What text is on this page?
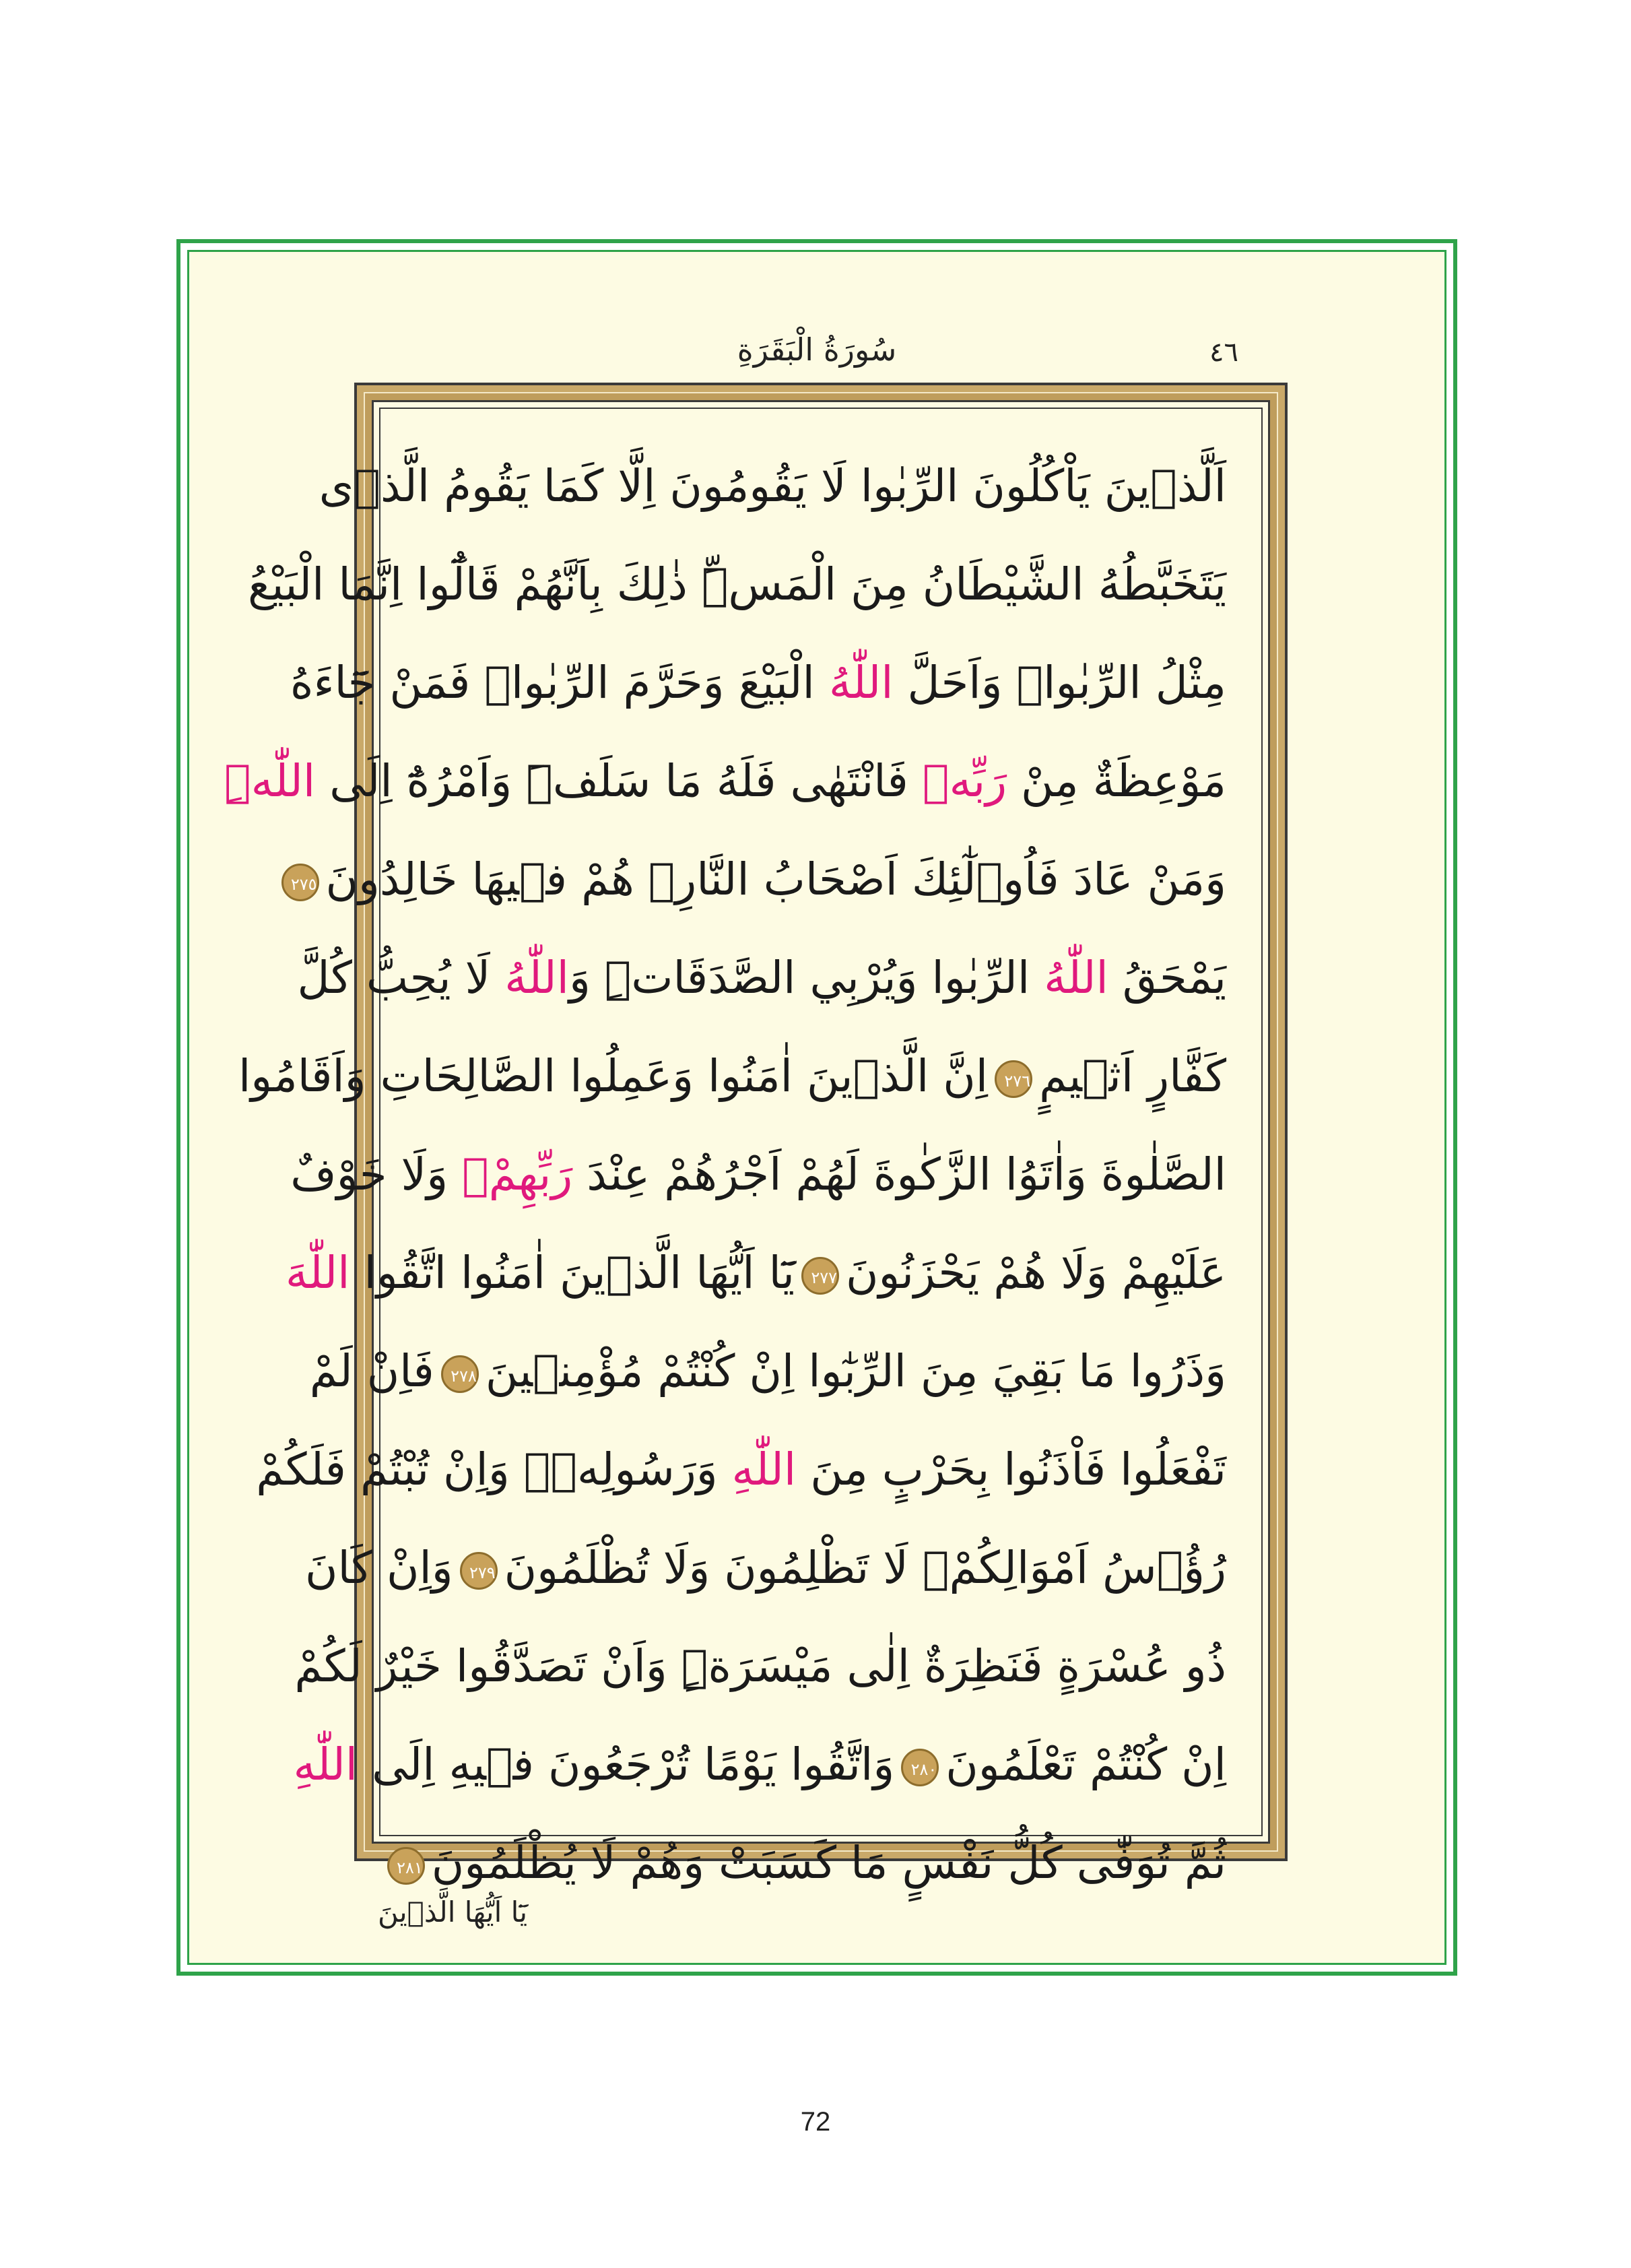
سُورَةُ الْبَقَرَةِ	٤٦
اَلَّذ۪ينَ يَاْكُلُونَ الرِّبٰوا لَا يَقُومُونَ اِلَّا كَمَا يَقُومُ الَّذ۪ى
يَتَخَبَّطُهُ الشَّيْطَانُ مِنَ الْمَسِّۜ ذٰلِكَ بِاَنَّهُمْ قَالُٓوا اِنَّمَا الْبَيْعُ
مِثْلُ الرِّبٰواۢ وَاَحَلَّ اللّٰهُ الْبَيْعَ وَحَرَّمَ الرِّبٰواۜ فَمَنْ جَٓاءَهُ
مَوْعِظَةٌ مِنْ رَبِّه۪ فَانْتَهٰى فَلَهُ مَا سَلَفَۜ وَاَمْرُهُٓ اِلَى اللّٰهِۜ
وَمَنْ عَادَ فَاُو۬لٰٓئِكَ اَصْحَابُ النَّارِۚ هُمْ ف۪يهَا خَالِدُونَ٢٧٥
يَمْحَقُ اللّٰهُ الرِّبٰوا وَيُرْبِي الصَّدَقَاتِۜ وَاللّٰهُ لَا يُحِبُّ كُلَّ
كَفَّارٍ اَث۪يمٍ٢٧٦اِنَّ الَّذ۪ينَ اٰمَنُوا وَعَمِلُوا الصَّالِحَاتِ وَاَقَامُوا
الصَّلٰوةَ وَاٰتَوُا الزَّكٰوةَ لَهُمْ اَجْرُهُمْ عِنْدَ رَبِّهِمْۚ وَلَا خَوْفٌ
عَلَيْهِمْ وَلَا هُمْ يَحْزَنُونَ٢٧٧يَٓا اَيُّهَا الَّذ۪ينَ اٰمَنُوا اتَّقُوا اللّٰهَ
وَذَرُوا مَا بَقِيَ مِنَ الرِّبٰٓوا اِنْ كُنْتُمْ مُؤْمِن۪ينَ٢٧٨فَاِنْ لَمْ
تَفْعَلُوا فَاْذَنُوا بِحَرْبٍ مِنَ اللّٰهِ وَرَسُولِه۪ۚ وَاِنْ تُبْتُمْ فَلَكُمْ
رُؤُ۫سُ اَمْوَالِكُمْۚ لَا تَظْلِمُونَ وَلَا تُظْلَمُونَ٢٧٩وَاِنْ كَانَ
ذُو عُسْرَةٍ فَنَظِرَةٌ اِلٰى مَيْسَرَةٍۜ وَاَنْ تَصَدَّقُوا خَيْرٌ لَكُمْ
اِنْ كُنْتُمْ تَعْلَمُونَ٢٨٠وَاتَّقُوا يَوْمًا تُرْجَعُونَ ف۪يهِ اِلَى اللّٰهِ
ثُمَّ تُوَفّٰى كُلُّ نَفْسٍ مَا كَسَبَتْ وَهُمْ لَا يُظْلَمُونَ٢٨١
يَٓا اَيُّهَا الَّذ۪ينَ
72
